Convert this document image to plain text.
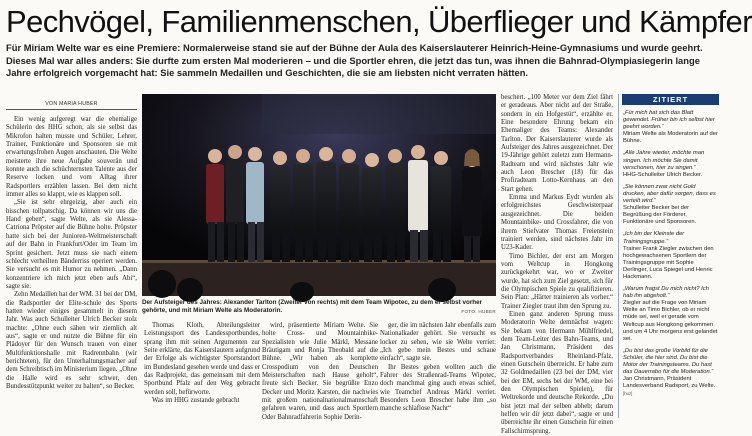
Pechvögel, Familienmenschen, Überflieger und Kämpfer
Für Miriam Welte war es eine Premiere: Normalerweise stand sie auf der Bühne der Aula des Kaiserslauterer Heinrich-Heine-Gymnasiums und wurde geehrt. Dieses Mal war alles anders: Sie durfte zum ersten Mal moderieren – und die Sportler ehren, die jetzt das tun, was ihnen die Bahnrad-Olympiasiegerin lange Jahre erfolgreich vorgemacht hat: Sie sammeln Medaillen und Geschichten, die sie am liebsten nicht verraten hätten.
VON MARIA HUBER

Ein wenig aufgeregt war die ehemalige Schülerin des HHG schon, als sie selbst das Mikrofon halten musste und Schüler, Lehrer, Trainer, Funktionäre und Sponsoren sie mit erwartungsfrohen Augen anschauten. Die Welte meisterte ihre neue Aufgabe souverän und konnte auch die schüchternsten Talente aus der Reserve locken und vom Alltag ihrer Radsportlers erzählen lassen. Bei dem nicht immer alles so klappt, wie es klappen soll.

„Sie ist sehr ehrgeizig, aber auch ein bisschen tollpatschig. Da können wir uns die Hand geben“, sagte Welte, als sie Alessa-Catriona Pröpster auf die Bühne holte. Pröpster hatte sich bei der Junioren-Weltmeisterschaft auf der Bahn in Frankfurt/Oder im Team im Sprint gesichert. Jetzt muss sie nach einem schlecht verheilten Bänderriss operiert werden. Sie versucht es mit Humor zu nehmen. „Dann konzentriere ich mich jetzt eben aufs Abi“, sagte sie.

Zehn Medaillen hat der WM. 31 bei der DM, die Radsportler der Elite-schule des Sports hatten wieder einiges gesammelt in diesem Jahr. Was auch Schulleiter Ulrich Becker stolz machte: „Ohne euch sähen wir ziemlich alt aus“, sagte er und nutzte die Bühne für ein Plädoyer für den Wunsch trauen von einer Multifunktionshalle mit Radrennbahn (wir berichteten), für den Unterhaltungsmacher auf dem Schreibtisch im Ministerium liegen. „Ohne die Halle wird es sehr schwer, den Bundesstützpunkt weiter zu halten“, so Becker.

Der Aufsteiger des Jahres: Alexander Tarlton (Zweiter von rechts) mit dem Team Wipotec, zu dem er selbst vorher gehörte, und mit Miriam Welte als Moderatorin.	FOTO: HUBER

Thomas Kloth, Abteilungsleiter Leistungssport des Landessportbundes, sprang ihm mit seinen Argumenten zur Seite erklärte, das Kaiserslautern aufgrund der Erfolge als wichtigster Sportstandort im Bundesland gesehen werde und dass er das Radprojekt, das gemeinsam mit dem Sportbund Pfalz auf den Weg gebracht werden soll, befürworte.

Was im HHG zustande gebracht

wird, präsentierte Miriam Welte. Sie holte Cross- und Mountainbike-Spezialisten wie Julie Märkl, Messane Bräutigam und Ronja Theobald auf die Bühne. „Wir haben als komplette Crosspodium von den Deutschen Meisterschaften nach Hause geholt“, freute sich Becker. Sie begrüßte Enzo Decker und Moritz Karsten, die nachwies mit großem nationalnationalmannschaft gefahren waren, und dass auch Sportlern Oder Bahnradfahrerin Sophie Derin-

ger, die im nächsten Jahr ebenfalls zum Nationalkader gehört. Sie versucht es locker zu sehen, wie sie Welte verriet: „Ich gebe mein Bestes und schaue einfach“, sagte sie.

Ihr Bestes geben wollten auch die Fahrer des Straßenrad-Teams Wipotec, doch manchmal ging auch etwas schief, wie Teamchef Andreas Märkl verriet. Besonders Leon Brescher habe ihm „so manche schlaflose Nacht“

beschert. „100 Meter vor dem Ziel fährt er geradeaus. Aber nicht auf der Straße, sondern in ein Hofgestüt“, erzählte er. Eine besondere Ehrung bekam ein Ehemaliger des Teams: Alexander Tarlton. Der Kaiserslauterer wurde als Aufsteiger des Jahres ausgezeichnet. Der 19-Jährige gehört zuletzt zum Hermann-Radteam und wird nächstes Jahr wie auch Leon Brescher (18) für das Profiradteam Lotto-Kernhaus an den Start gehen.

Emma und Markus Eydt wurden als erfolgreichstes Geschwisterpaar ausgezeichnet. Die beiden Mountainbike- und Crossfahrer, die von ihrem Stiefvater Thomas Freienstein trainiert werden, sind nächstes Jahr im U23-Kader.

Timo Bichler, der erst am Morgen vom Weltcup in Hongkong zurückgekehrt war, wo er Zweiter wurde, hat sich zum Ziel gesetzt, sich für die Olympischen Spiele zu qualifizieren. Sein Plan: „Härter trainieren als vorher.“ Trainer Ziegler traut ihm den Sprung zu.

Einen ganz anderen Sprung muss Moderatorin Welte demnächst wagen: Sie bekam von Hermann Mühlfriedel, dem Team-Leiter des Bahn-Teams, und Jan Christmann, Präsident des Radsportverbandes Rheinland-Pfalz, einen Gutschein überreicht. Er habe zum 32 Goldmedaillen (23 bei der DM, vier bei der EM, sechs bei der WM, eine bei den Olympischen Spielen), für Weltrekorde und deutsche Rekorde. „Du bist jetzt mal der selben abheb; darum helfen wir dir jetzt dabei“, sagte er und überreichte ihr einen Gutschein für einen Fallschirmsprung.

ZITIERT
„Für mich hat sich das Blatt gewendet. Früher bin ich selbst hier geehrt worden.“
Miriam Welte als Moderatorin auf der Bühne.
„Alle Jahre wieder, möchte man singen. Ich möchte Sie damit verschonen, hier zu singen.“
HHG-Schulleiter Ulrich Becker.
„Sie können zwar nicht Gold drucken, aber dafür sorgen, dass es verteilt wird.“
Schulleiter Becker bei der Begrüßung der Förderer, Funktionäre und Sponsoren.
„Ich bin der Kleinste der Trainingsgruppe.“
Trainer Frank Ziegler zwischen den hochgewachsenen Sportlern der Trainingsgruppe mit Sophie Derlinger, Luca Spiegel und Henric Hackmann.
„Warum fragst Du mich nicht? Ich hab ihn abgeholt.“
Ziegler auf die Frage von Miriam Welte an Timo Bichler, ob er nicht müde sei, weil er gerade vom Weltcup aus Hongkong gekommen und um 4 Uhr morgens erst gelandet sei.
„Du bist das große Vorbild für die Schüler, die hier sind. Du bist die Motor der Trainingsteams. Du hast das Dauerrabo für die Moderation.“
Jan Christmann, Präsident Landesverband Radsport, zu Welte. [huz]
